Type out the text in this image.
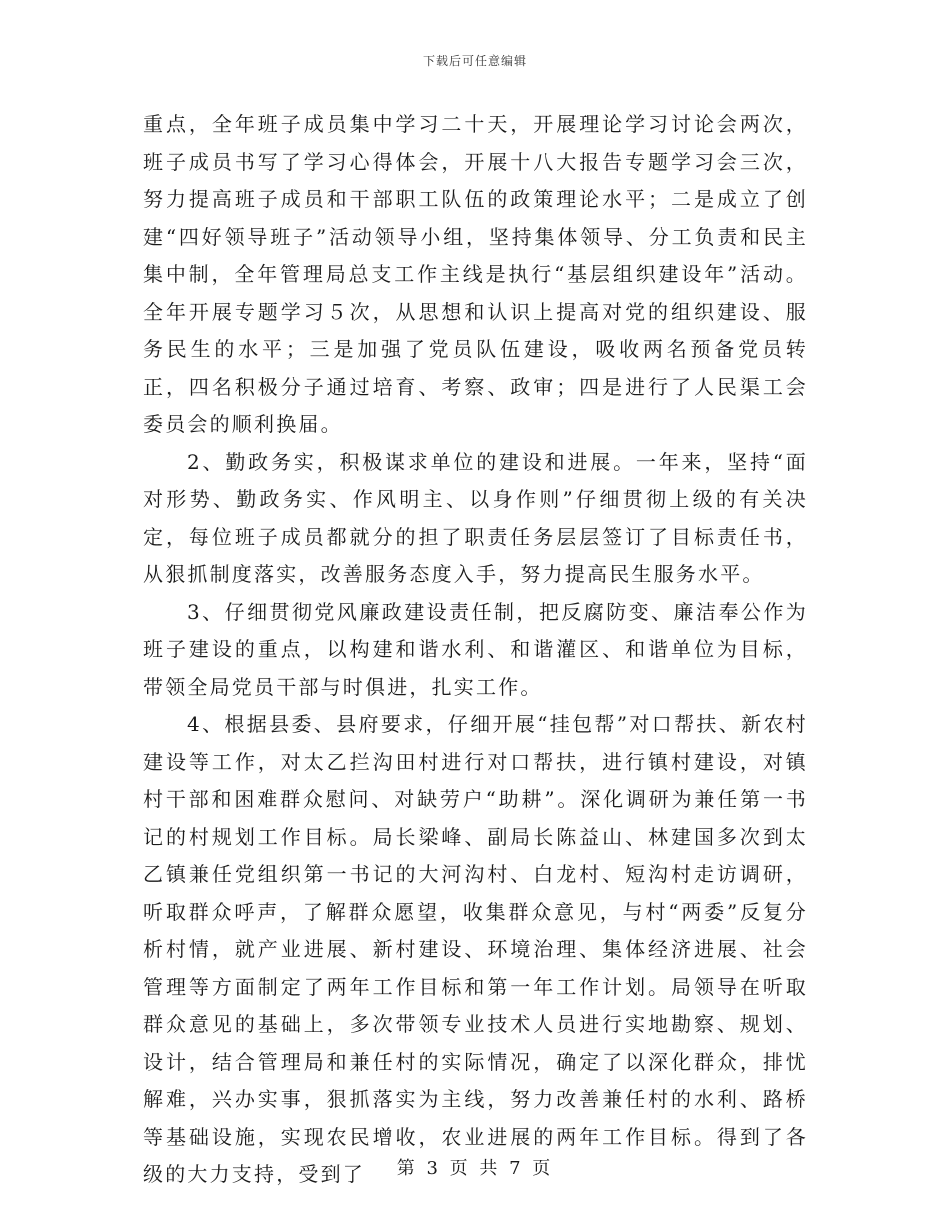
下载后可任意编辑

重点，全年班子成员集中学习二十天，开展理论学习讨论会两次，班子成员书写了学习心得体会，开展十八大报告专题学习会三次，努力提高班子成员和干部职工队伍的政策理论水平；二是成立了创建“四好领导班子”活动领导小组，坚持集体领导、分工负责和民主集中制，全年管理局总支工作主线是执行“基层组织建设年”活动。全年开展专题学习５次，从思想和认识上提高对党的组织建设、服务民生的水平；三是加强了党员队伍建设，吸收两名预备党员转正，四名积极分子通过培育、考察、政审；四是进行了人民渠工会委员会的顺利换届。

2、勤政务实，积极谋求单位的建设和进展。一年来，坚持“面对形势、勤政务实、作风明主、以身作则”仔细贯彻上级的有关决定，每位班子成员都就分的担了职责任务层层签订了目标责任书，从狠抓制度落实，改善服务态度入手，努力提高民生服务水平。

3、仔细贯彻党风廉政建设责任制，把反腐防变、廉洁奉公作为班子建设的重点，以构建和谐水利、和谐灌区、和谐单位为目标，带领全局党员干部与时俱进，扎实工作。

4、根据县委、县府要求，仔细开展“挂包帮”对口帮扶、新农村建设等工作，对太乙拦沟田村进行对口帮扶，进行镇村建设，对镇村干部和困难群众慰问、对缺劳户“助耕”。深化调研为兼任第一书记的村规划工作目标。局长梁峰、副局长陈益山、林建国多次到太乙镇兼任党组织第一书记的大河沟村、白龙村、短沟村走访调研，听取群众呼声，了解群众愿望，收集群众意见，与村“两委”反复分析村情，就产业进展、新村建设、环境治理、集体经济进展、社会管理等方面制定了两年工作目标和第一年工作计划。局领导在听取群众意见的基础上，多次带领专业技术人员进行实地勘察、规划、设计，结合管理局和兼任村的实际情况，确定了以深化群众，排忧解难，兴办实事，狠抓落实为主线，努力改善兼任村的水利、路桥等基础设施，实现农民增收，农业进展的两年工作目标。得到了各级的大力支持，受到了	第 3 页 共 7 页
